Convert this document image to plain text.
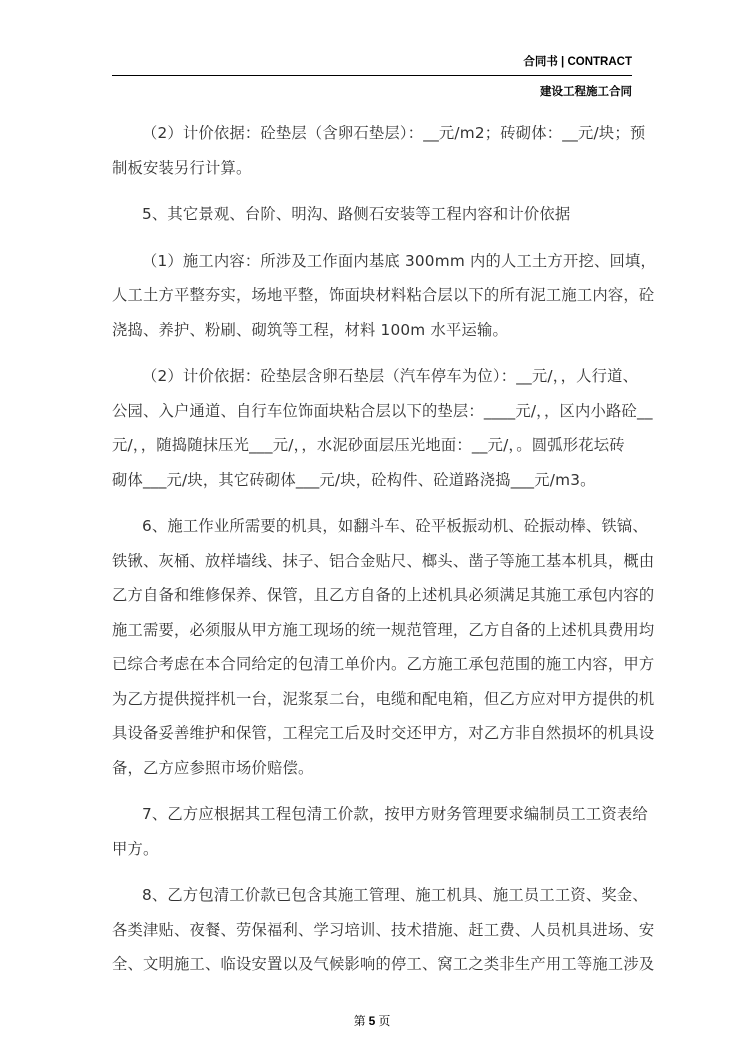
合同书 | CONTRACT
建设工程施工合同
（2）计价依据：砼垫层（含卵石垫层）：__元/m2；砖砌体：__元/块；预
制板安装另行计算。
5、其它景观、台阶、明沟、路侧石安装等工程内容和计价依据
（1）施工内容：所涉及工作面内基底 300mm 内的人工土方开挖、回填，
人工土方平整夯实，场地平整，饰面块材料粘合层以下的所有泥工施工内容，砼
浇捣、养护、粉刷、砌筑等工程，材料 100m 水平运输。
（2）计价依据：砼垫层含卵石垫层（汽车停车为位）：__元/，，人行道、
公园、入户通道、自行车位饰面块粘合层以下的垫层：____元/，，区内小路砼__
元/，，随捣随抹压光___元/，，水泥砂面层压光地面：__元/，。圆弧形花坛砖
砌体___元/块，其它砖砌体___元/块，砼构件、砼道路浇捣___元/m3。
6、施工作业所需要的机具，如翻斗车、砼平板振动机、砼振动棒、铁镐、
铁锹、灰桶、放样墙线、抹子、铝合金贴尺、榔头、凿子等施工基本机具，概由
乙方自备和维修保养、保管，且乙方自备的上述机具必须满足其施工承包内容的
施工需要，必须服从甲方施工现场的统一规范管理，乙方自备的上述机具费用均
已综合考虑在本合同给定的包清工单价内。乙方施工承包范围的施工内容，甲方
为乙方提供搅拌机一台，泥浆泵二台，电缆和配电箱，但乙方应对甲方提供的机
具设备妥善维护和保管，工程完工后及时交还甲方，对乙方非自然损坏的机具设
备，乙方应参照市场价赔偿。
7、乙方应根据其工程包清工价款，按甲方财务管理要求编制员工工资表给
甲方。
8、乙方包清工价款已包含其施工管理、施工机具、施工员工工资、奖金、
各类津贴、夜餐、劳保福利、学习培训、技术措施、赶工费、人员机具进场、安
全、文明施工、临设安置以及气候影响的停工、窝工之类非生产用工等施工涉及
第 5 页
